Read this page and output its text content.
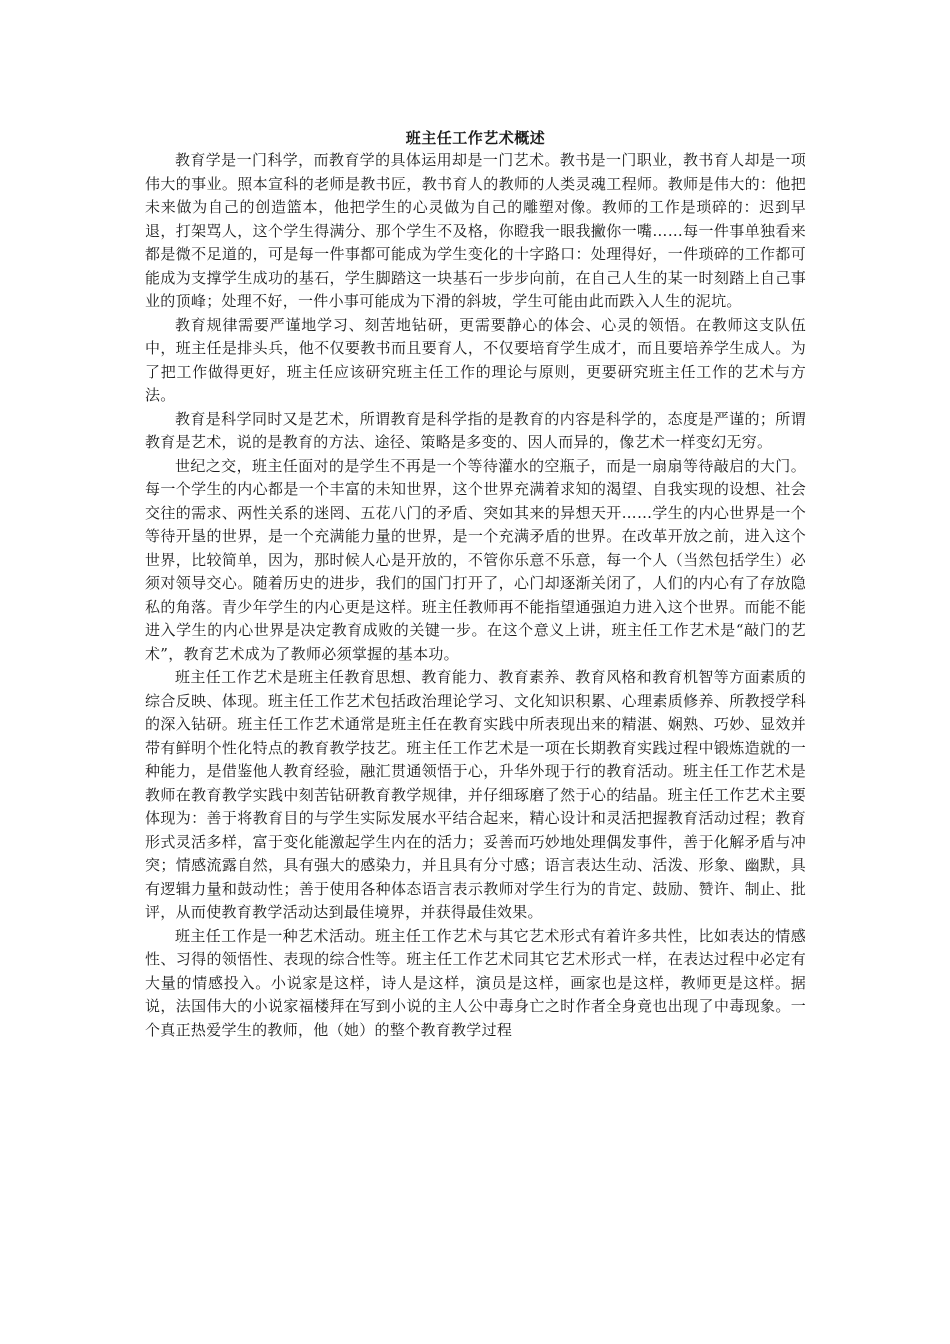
班主任工作艺术概述

教育学是一门科学，而教育学的具体运用却是一门艺术。教书是一门职业，教书育人却是一项伟大的事业。照本宣科的老师是教书匠，教书育人的教师的人类灵魂工程师。教师是伟大的：他把未来做为自己的创造篮本，他把学生的心灵做为自己的雕塑对像。教师的工作是琐碎的：迟到早退，打架骂人，这个学生得满分、那个学生不及格，你瞪我一眼我撇你一嘴……每一件事单独看来都是微不足道的，可是每一件事都可能成为学生变化的十字路口：处理得好，一件琐碎的工作都可能成为支撑学生成功的基石，学生脚踏这一块基石一步步向前，在自己人生的某一时刻踏上自己事业的顶峰；处理不好，一件小事可能成为下滑的斜坡，学生可能由此而跌入人生的泥坑。

教育规律需要严谨地学习、刻苦地钻研，更需要静心的体会、心灵的领悟。在教师这支队伍中，班主任是排头兵，他不仅要教书而且要育人，不仅要培育学生成才，而且要培养学生成人。为了把工作做得更好，班主任应该研究班主任工作的理论与原则，更要研究班主任工作的艺术与方法。

教育是科学同时又是艺术，所谓教育是科学指的是教育的内容是科学的，态度是严谨的；所谓教育是艺术，说的是教育的方法、途径、策略是多变的、因人而异的，像艺术一样变幻无穷。

世纪之交，班主任面对的是学生不再是一个等待灌水的空瓶子，而是一扇扇等待敲启的大门。每一个学生的内心都是一个丰富的未知世界，这个世界充满着求知的渴望、自我实现的设想、社会交往的需求、两性关系的迷罔、五花八门的矛盾、突如其来的异想天开……学生的内心世界是一个等待开垦的世界，是一个充满能力量的世界，是一个充满矛盾的世界。在改革开放之前，进入这个世界，比较简单，因为，那时候人心是开放的，不管你乐意不乐意，每一个人（当然包括学生）必须对领导交心。随着历史的进步，我们的国门打开了，心门却逐渐关闭了，人们的内心有了存放隐私的角落。青少年学生的内心更是这样。班主任教师再不能指望通强迫力进入这个世界。而能不能进入学生的内心世界是决定教育成败的关键一步。在这个意义上讲，班主任工作艺术是“敲门的艺术”，教育艺术成为了教师必须掌握的基本功。

班主任工作艺术是班主任教育思想、教育能力、教育素养、教育风格和教育机智等方面素质的综合反映、体现。班主任工作艺术包括政治理论学习、文化知识积累、心理素质修养、所教授学科的深入钻研。班主任工作艺术通常是班主任在教育实践中所表现出来的精湛、娴熟、巧妙、显效并带有鲜明个性化特点的教育教学技艺。班主任工作艺术是一项在长期教育实践过程中锻炼造就的一种能力，是借鉴他人教育经验，融汇贯通领悟于心，升华外现于行的教育活动。班主任工作艺术是教师在教育教学实践中刻苦钻研教育教学规律，并仔细琢磨了然于心的结晶。班主任工作艺术主要体现为：善于将教育目的与学生实际发展水平结合起来，精心设计和灵活把握教育活动过程；教育形式灵活多样，富于变化能激起学生内在的活力；妥善而巧妙地处理偶发事件，善于化解矛盾与冲突；情感流露自然，具有强大的感染力，并且具有分寸感；语言表达生动、活泼、形象、幽默，具有逻辑力量和鼓动性；善于使用各种体态语言表示教师对学生行为的肯定、鼓励、赞许、制止、批评，从而使教育教学活动达到最佳境界，并获得最佳效果。

班主任工作是一种艺术活动。班主任工作艺术与其它艺术形式有着许多共性，比如表达的情感性、习得的领悟性、表现的综合性等。班主任工作艺术同其它艺术形式一样，在表达过程中必定有大量的情感投入。小说家是这样，诗人是这样，演员是这样，画家也是这样，教师更是这样。据说，法国伟大的小说家福楼拜在写到小说的主人公中毒身亡之时作者全身竟也出现了中毒现象。一个真正热爱学生的教师，他（她）的整个教育教学过程
